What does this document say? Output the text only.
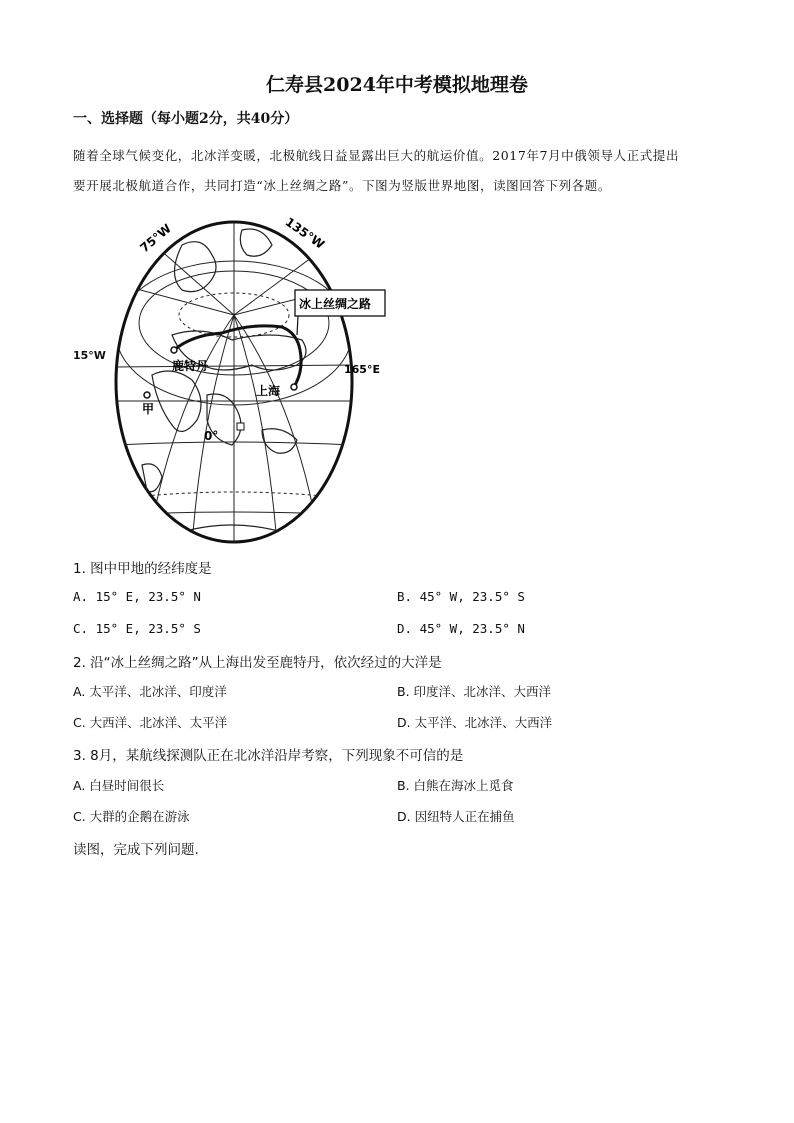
仁寿县2024年中考模拟地理卷
一、选择题（每小题2分，共40分）
随着全球气候变化，北冰洋变暖，北极航线日益显露出巨大的航运价值。2017年7月中俄领导人正式提出
要开展北极航道合作，共同打造“冰上丝绸之路”。下图为竖版世界地图，读图回答下列各题。
75°W	135°W
冰上丝绸之路
鹿特丹
上海
165°E
甲
0°
15°W
1. 图中甲地的经纬度是
A. 15° E, 23.5° N	B. 45° W, 23.5° S
C. 15° E, 23.5° S	D. 45° W, 23.5° N
2. 沿“冰上丝绸之路”从上海出发至鹿特丹，依次经过的大洋是
A. 太平洋、北冰洋、印度洋	B. 印度洋、北冰洋、大西洋
C. 大西洋、北冰洋、太平洋	D. 太平洋、北冰洋、大西洋
3. 8月，某航线探测队正在北冰洋沿岸考察，下列现象不可信的是
A. 白昼时间很长	B. 白熊在海冰上觅食
C. 大群的企鹅在游泳	D. 因纽特人正在捕鱼
读图，完成下列问题.
